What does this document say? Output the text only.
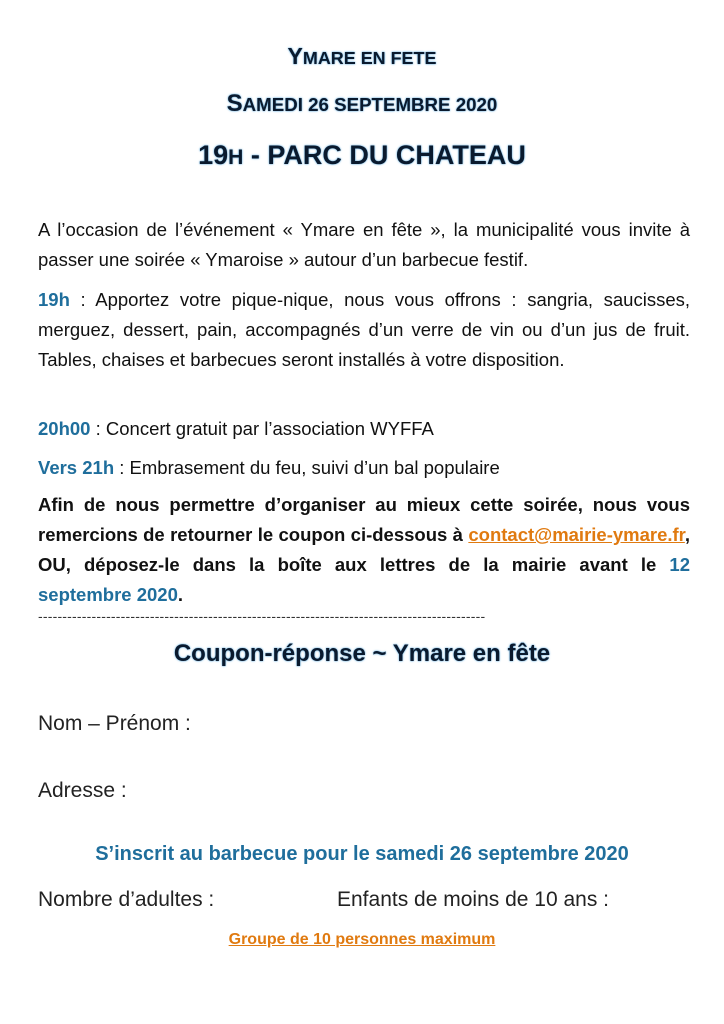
YMARE EN FETE
SAMEDI 26 SEPTEMBRE 2020
19H - PARC DU CHATEAU
A l’occasion de l’événement « Ymare en fête », la municipalité vous invite à passer une soirée « Ymaroise » autour d’un barbecue festif.
19h : Apportez votre pique-nique, nous vous offrons : sangria, saucisses, merguez, dessert, pain, accompagnés d’un verre de vin ou d’un jus de fruit. Tables, chaises et barbecues seront installés à votre disposition.
20h00 : Concert gratuit par l’association WYFFA
Vers 21h : Embrasement du feu, suivi d’un bal populaire
Afin de nous permettre d’organiser au mieux cette soirée, nous vous remercions de retourner le coupon ci-dessous à contact@mairie-ymare.fr, OU, déposez-le dans la boîte aux lettres de la mairie avant le 12 septembre 2020.
--------------------------------------------------------------------------------------------
Coupon-réponse ~ Ymare en fête
Nom – Prénom :
Adresse :
S’inscrit au barbecue pour le samedi 26 septembre 2020
Nombre d’adultes :	Enfants de moins de 10 ans :
Groupe de 10 personnes maximum
